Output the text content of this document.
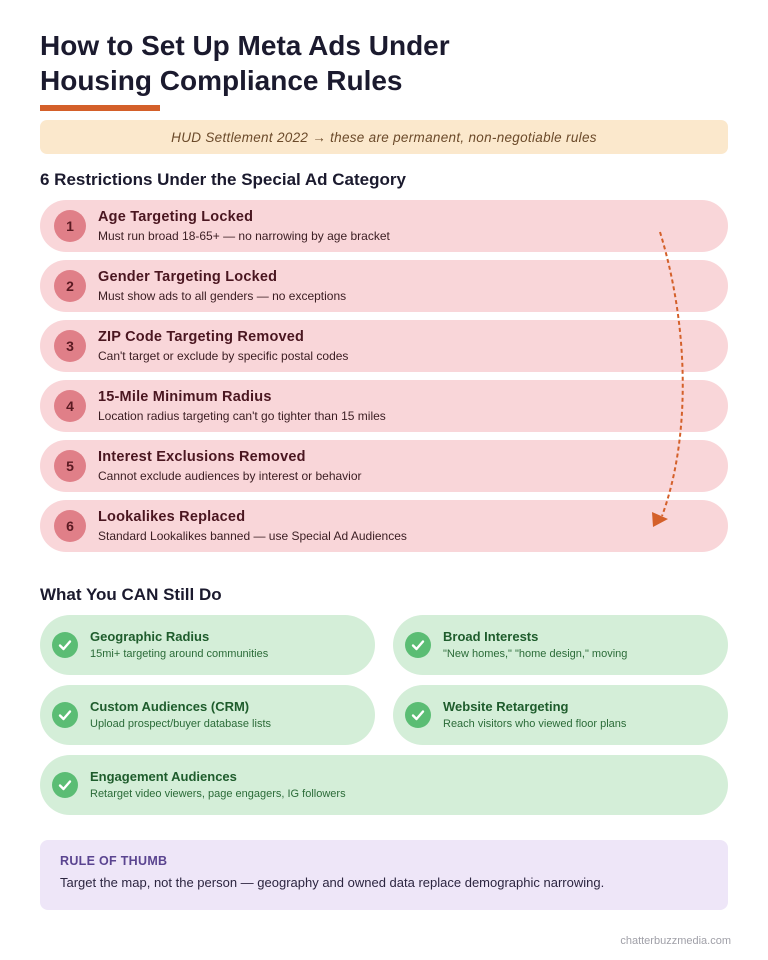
How to Set Up Meta Ads Under
Housing Compliance Rules
HUD Settlement 2022 → these are permanent, non-negotiable rules
6 Restrictions Under the Special Ad Category
1
Age Targeting Locked
Must run broad 18-65+ — no narrowing by age bracket
2
Gender Targeting Locked
Must show ads to all genders — no exceptions
3
ZIP Code Targeting Removed
Can't target or exclude by specific postal codes
4
15-Mile Minimum Radius
Location radius targeting can't go tighter than 15 miles
5
Interest Exclusions Removed
Cannot exclude audiences by interest or behavior
6
Lookalikes Replaced
Standard Lookalikes banned — use Special Ad Audiences
What You CAN Still Do
Geographic Radius
15mi+ targeting around communities
Broad Interests
"New homes," "home design," moving
Custom Audiences (CRM)
Upload prospect/buyer database lists
Website Retargeting
Reach visitors who viewed floor plans
Engagement Audiences
Retarget video viewers, page engagers, IG followers
RULE OF THUMB
Target the map, not the person — geography and owned data replace demographic narrowing.
chatterbuzzmedia.com
